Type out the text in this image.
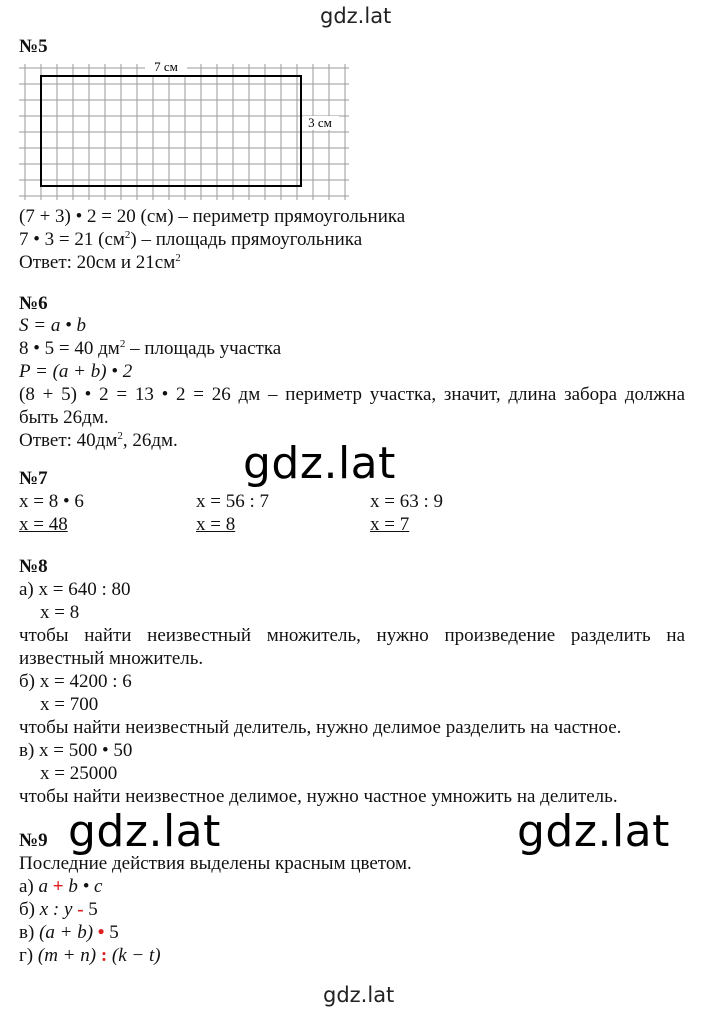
gdz.lat
№5
7 см
3 см
(7 + 3) • 2 = 20 (см) – периметр прямоугольника
7 • 3 = 21 $(см^2)$ – площадь прямоугольника
Ответ: 20см и $21см^2$
№6
S = a • b
8 • 5 = 40 $дм^2$ – площадь участка
P = (a + b) • 2
(8 + 5) • 2 = 13 • 2 = 26 дм – периметр участка, значит, длина забора должна
быть 26дм.
Ответ: $40дм^2$, 26дм. gdz.lat
№7
x = 8 • 6
x = 48
x = 56 : 7
x = 8
x = 63 : 9
x = 7
№8
а) x = 640 : 80
x = 8
чтобы найти неизвестный множитель, нужно произведение разделить на
известный множитель.
б) x = 4200 : 6
x = 700
чтобы найти неизвестный делитель, нужно делимое разделить на частное.
в) x = 500 • 50
x = 25000
чтобы найти неизвестное делимое, нужно частное умножить на делитель.
gdz.lat	gdz.lat
№9
Последние действия выделены красным цветом.
а) a + b • c
б) x : y - 5
в) (a + b) • 5
г) (m + n) : (k − t)
gdz.lat
